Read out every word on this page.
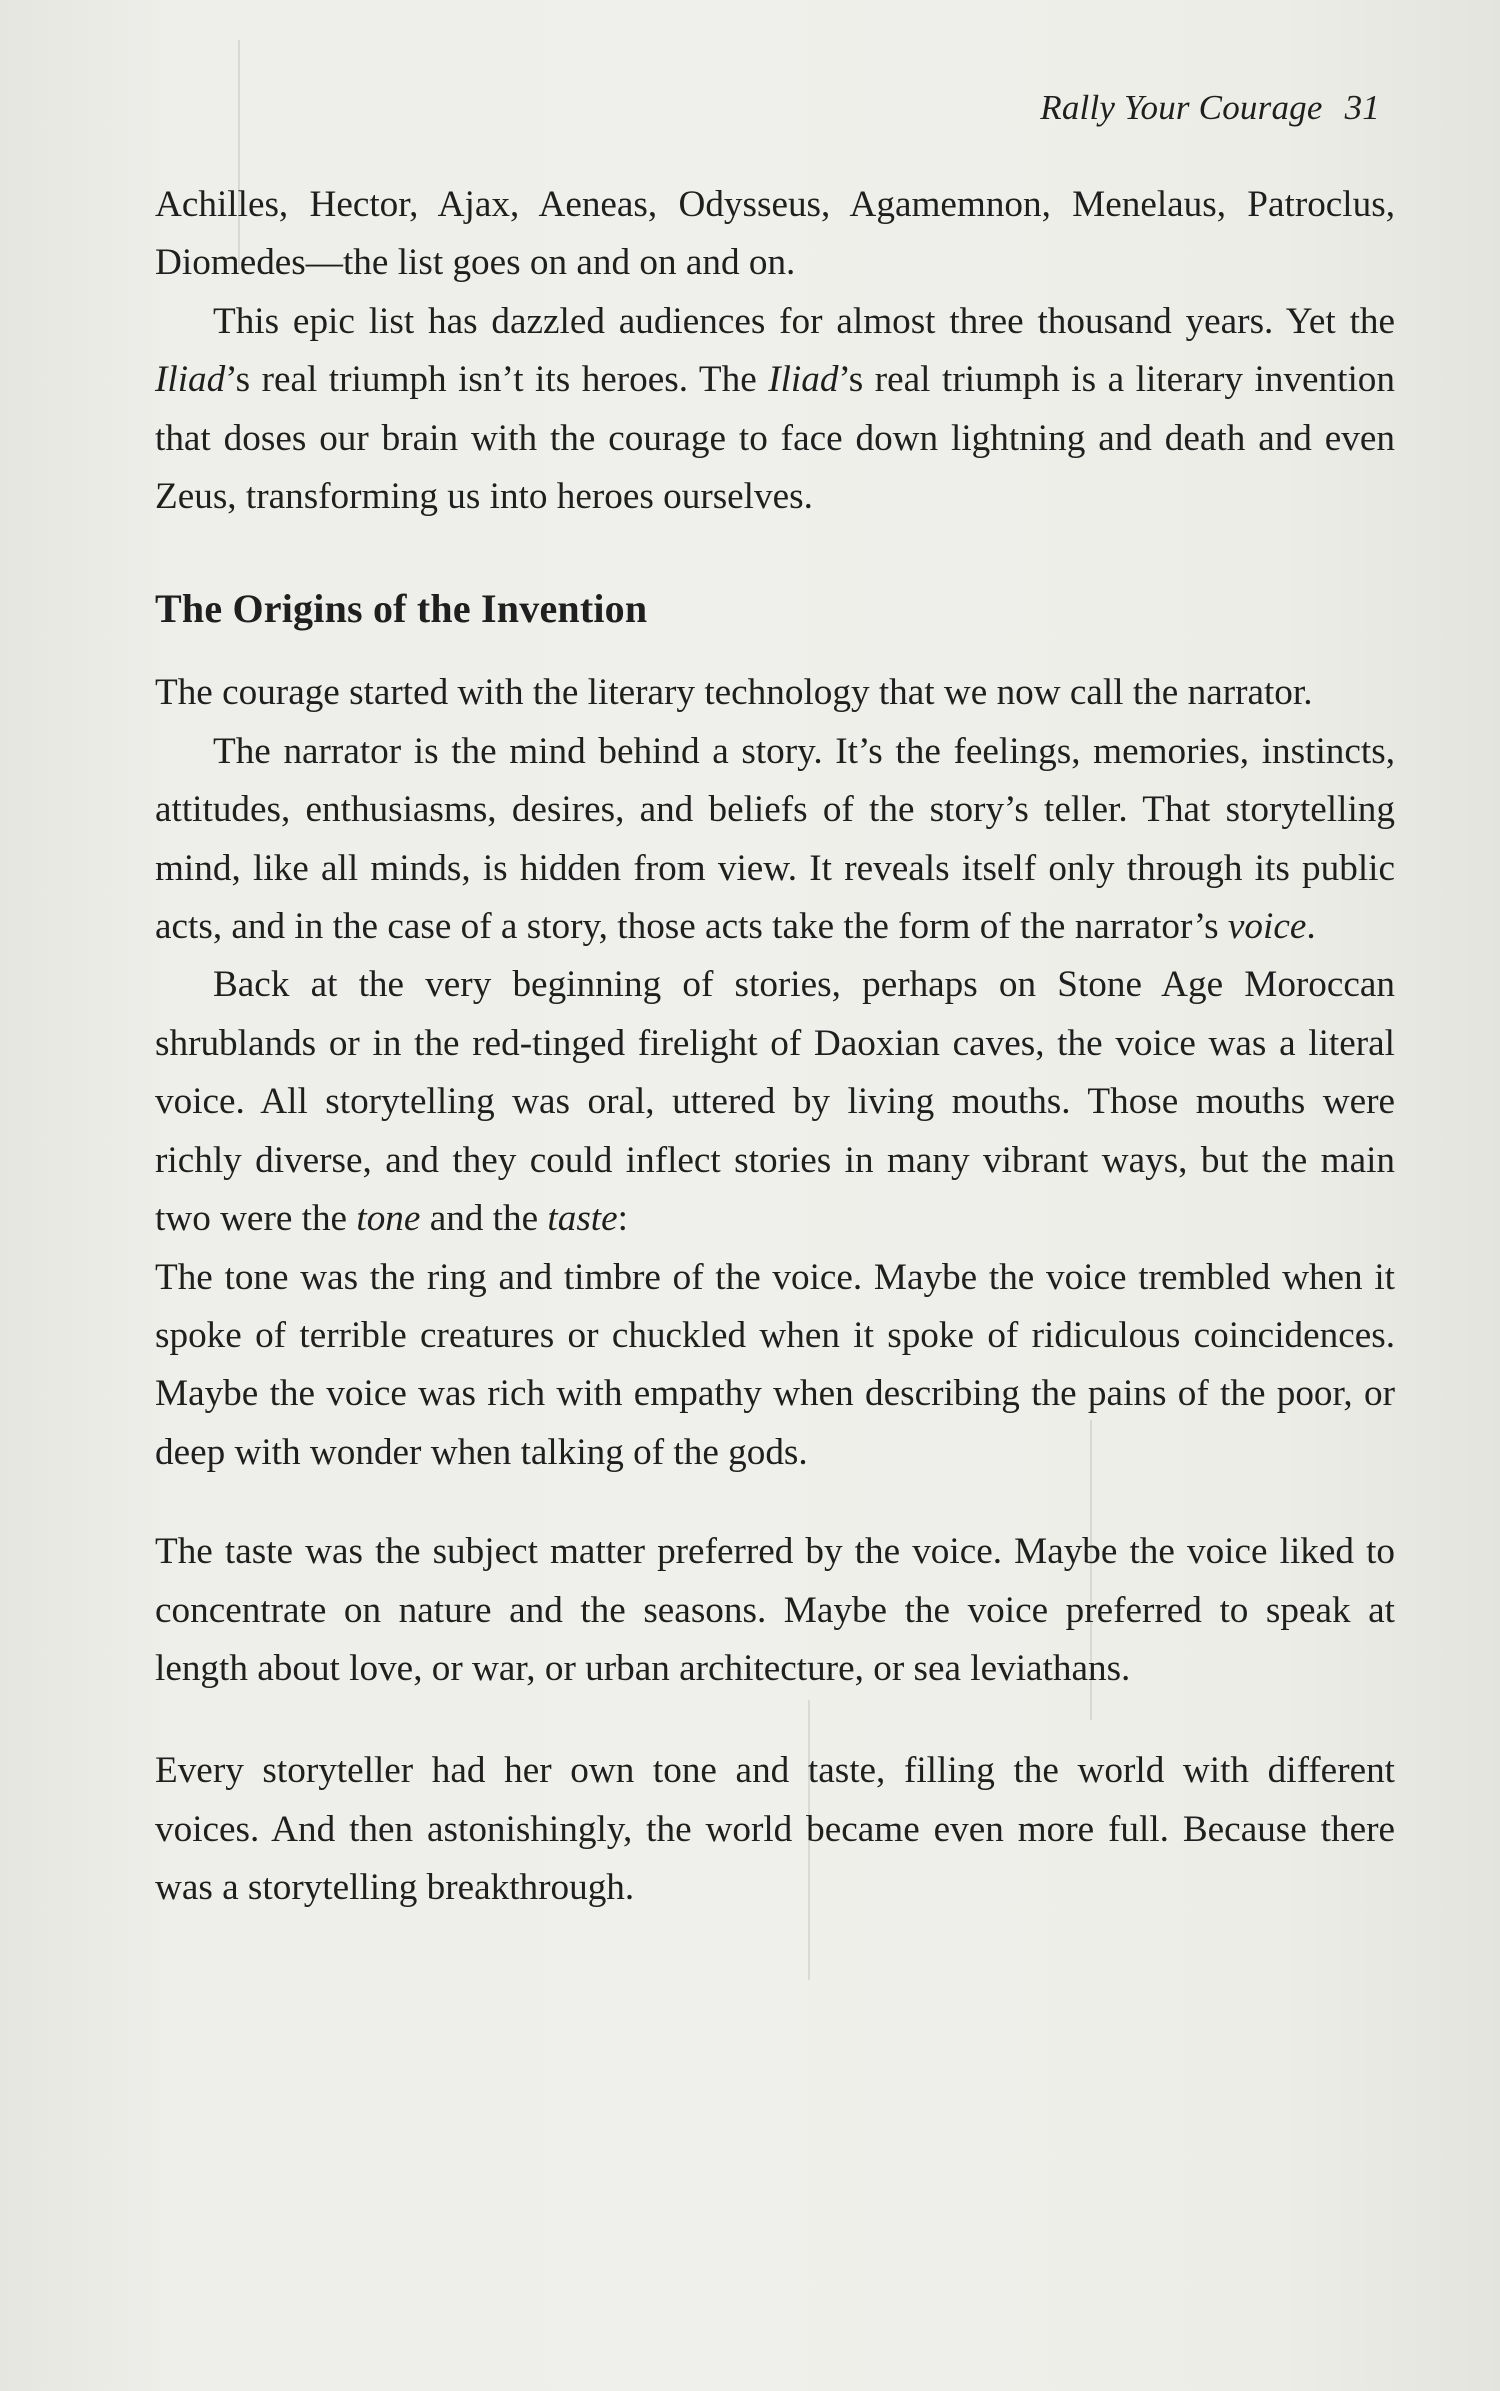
Rally Your Courage 31

Achilles, Hector, Ajax, Aeneas, Odysseus, Agamemnon, Menelaus, Patroclus, Diomedes—the list goes on and on and on.

This epic list has dazzled audiences for almost three thousand years. Yet the Iliad’s real triumph isn’t its heroes. The Iliad’s real triumph is a literary invention that doses our brain with the courage to face down lightning and death and even Zeus, transforming us into heroes ourselves.

The Origins of the Invention

The courage started with the literary technology that we now call the narrator.

The narrator is the mind behind a story. It’s the feelings, memories, instincts, attitudes, enthusiasms, desires, and beliefs of the story’s teller. That storytelling mind, like all minds, is hidden from view. It reveals itself only through its public acts, and in the case of a story, those acts take the form of the narrator’s voice.

Back at the very beginning of stories, perhaps on Stone Age Moroccan shrublands or in the red-tinged firelight of Daoxian caves, the voice was a literal voice. All storytelling was oral, uttered by living mouths. Those mouths were richly diverse, and they could inflect stories in many vibrant ways, but the main two were the tone and the taste:

The tone was the ring and timbre of the voice. Maybe the voice trembled when it spoke of terrible creatures or chuckled when it spoke of ridiculous coincidences. Maybe the voice was rich with empathy when describing the pains of the poor, or deep with wonder when talking of the gods.

The taste was the subject matter preferred by the voice. Maybe the voice liked to concentrate on nature and the seasons. Maybe the voice preferred to speak at length about love, or war, or urban architecture, or sea leviathans.

Every storyteller had her own tone and taste, filling the world with different voices. And then astonishingly, the world became even more full. Because there was a storytelling breakthrough.
